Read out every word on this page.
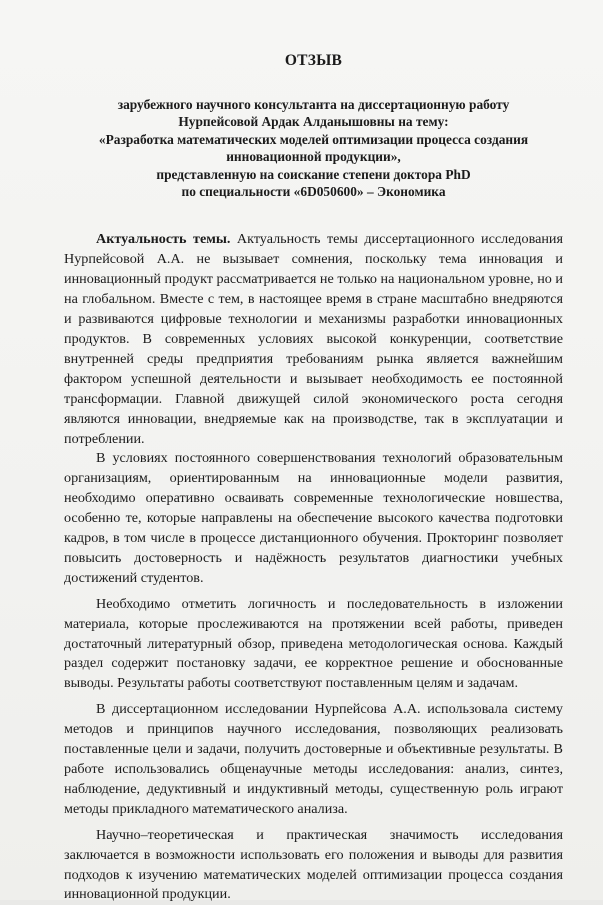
ОТЗЫВ
зарубежного научного консультанта на диссертационную работу
Нурпейсовой Ардак Алданышовны на тему:
«Разработка математических моделей оптимизации процесса создания
инновационной продукции»,
представленную на соискание степени доктора PhD
по специальности «6D050600» – Экономика

Актуальность темы. Актуальность темы диссертационного исследования Нурпейсовой А.А. не вызывает сомнения, поскольку тема инновация и инновационный продукт рассматривается не только на национальном уровне, но и на глобальном. Вместе с тем, в настоящее время в стране масштабно внедряются и развиваются цифровые технологии и механизмы разработки инновационных продуктов. В современных условиях высокой конкуренции, соответствие внутренней среды предприятия требованиям рынка является важнейшим фактором успешной деятельности и вызывает необходимость ее постоянной трансформации. Главной движущей силой экономического роста сегодня являются инновации, внедряемые как на производстве, так в эксплуатации и потреблении.

В условиях постоянного совершенствования технологий образовательным организациям, ориентированным на инновационные модели развития, необходимо оперативно осваивать современные технологические новшества, особенно те, которые направлены на обеспечение высокого качества подготовки кадров, в том числе в процессе дистанционного обучения. Прокторинг позволяет повысить достоверность и надёжность результатов диагностики учебных достижений студентов.

Необходимо отметить логичность и последовательность в изложении материала, которые прослеживаются на протяжении всей работы, приведен достаточный литературный обзор, приведена методологическая основа. Каждый раздел содержит постановку задачи, ее корректное решение и обоснованные выводы. Результаты работы соответствуют поставленным целям и задачам.

В диссертационном исследовании Нурпейсова А.А. использовала систему методов и принципов научного исследования, позволяющих реализовать поставленные цели и задачи, получить достоверные и объективные результаты. В работе использовались общенаучные методы исследования: анализ, синтез, наблюдение, дедуктивный и индуктивный методы, существенную роль играют методы прикладного математического анализа.

Научно–теоретическая и практическая значимость исследования заключается в возможности использовать его положения и выводы для развития подходов к изучению математических моделей оптимизации процесса создания инновационной продукции.
